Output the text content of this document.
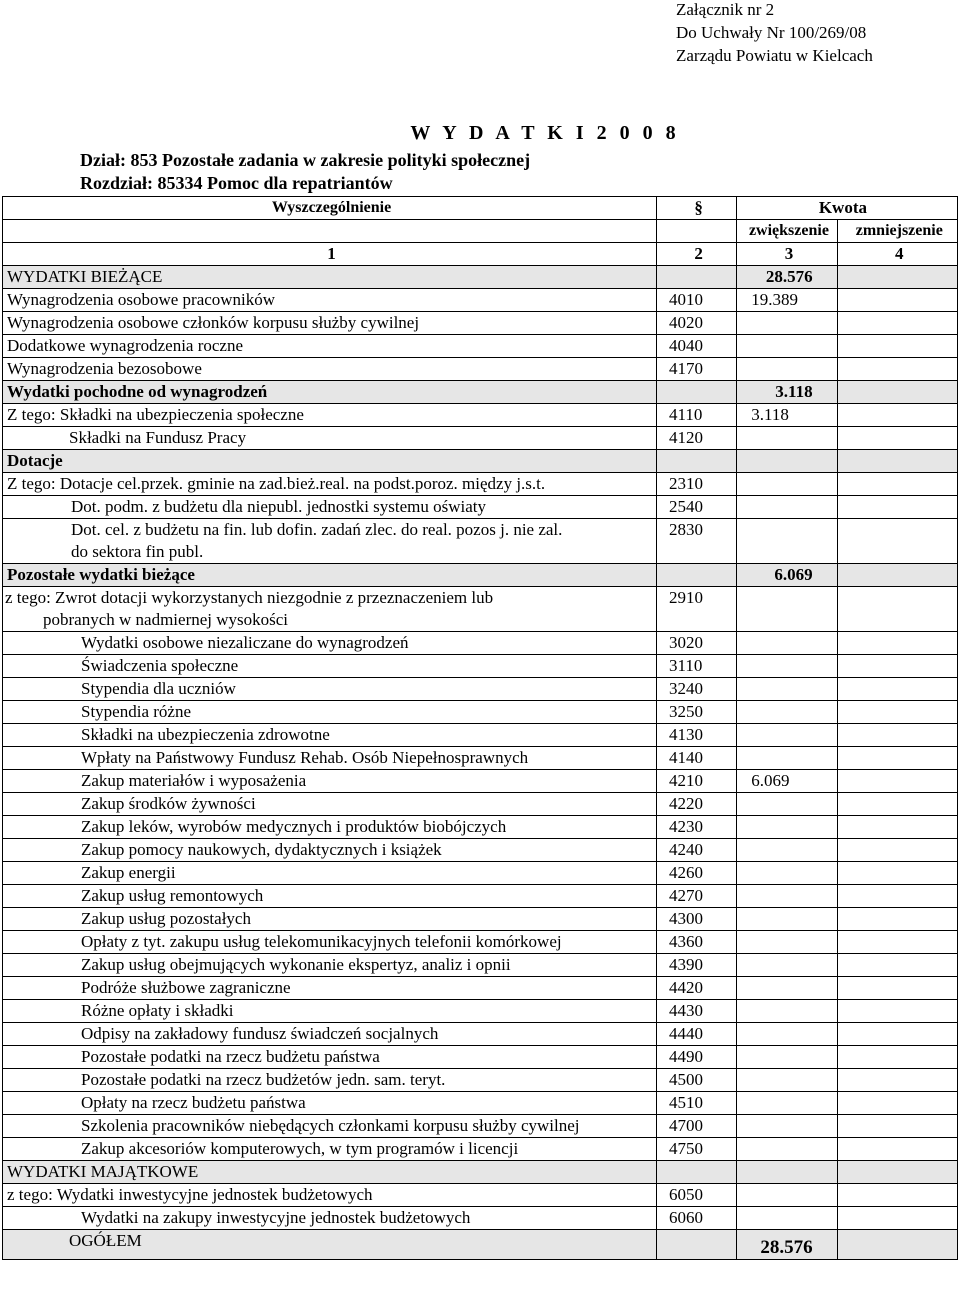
Załącznik nr 2
Do Uchwały Nr 100/269/08
Zarządu Powiatu w Kielcach
W Y D A T K I 2 0 0 8
Dział: 853 Pozostałe zadania w zakresie polityki społecznej
Rozdział: 85334 Pomoc dla repatriantów
Wyszczególnienie	§	Kwota	
		zwiększenie	zmniejszenie
1	2	3	4
WYDATKI BIEŻĄCE		28.576	
Wynagrodzenia osobowe pracowników	4010	19.389	
Wynagrodzenia osobowe członków korpusu służby cywilnej	4020		
Dodatkowe wynagrodzenia roczne	4040		
Wynagrodzenia bezosobowe	4170		
Wydatki pochodne od wynagrodzeń		3.118	
Z tego: Składki na ubezpieczenia społeczne	4110	3.118	
Składki na Fundusz Pracy	4120		
Dotacje			
Z tego: Dotacje cel.przek. gminie na zad.bież.real. na podst.poroz. między j.s.t.	2310		
Dot. podm. z budżetu dla niepubl. jednostki systemu oświaty	2540		

Dot. cel. z budżetu na fin. lub dofin. zadań zlec. do real. pozos j. nie zal.
do sektora fin publ.	2830		
Pozostałe wydatki bieżące		6.069	

z tego: Zwrot dotacji wykorzystanych niezgodnie z przeznaczeniem lub
pobranych w nadmiernej wysokości	2910		
Wydatki osobowe niezaliczane do wynagrodzeń	3020		
Świadczenia społeczne	3110		
Stypendia dla uczniów	3240		
Stypendia różne	3250		
Składki na ubezpieczenia zdrowotne	4130		
Wpłaty na Państwowy Fundusz Rehab. Osób Niepełnosprawnych	4140		
Zakup materiałów i wyposażenia	4210	6.069	
Zakup środków żywności	4220		
Zakup leków, wyrobów medycznych i produktów biobójczych	4230		
Zakup pomocy naukowych, dydaktycznych i książek	4240		
Zakup energii	4260		
Zakup usług remontowych	4270		
Zakup usług pozostałych	4300		
Opłaty z tyt. zakupu usług telekomunikacyjnych telefonii komórkowej	4360		
Zakup usług obejmujących wykonanie ekspertyz, analiz i opnii	4390		
Podróże służbowe zagraniczne	4420		
Różne opłaty i składki	4430		
Odpisy na zakładowy fundusz świadczeń socjalnych	4440		
Pozostałe podatki na rzecz budżetu państwa	4490		
Pozostałe podatki na rzecz budżetów jedn. sam. teryt.	4500		
Opłaty na rzecz budżetu państwa	4510		
Szkolenia pracowników niebędących członkami korpusu służby cywilnej	4700		
Zakup akcesoriów komputerowych, w tym programów i licencji	4750		
WYDATKI MAJĄTKOWE			
z tego: Wydatki inwestycyjne jednostek budżetowych	6050		
Wydatki na zakupy inwestycyjne jednostek budżetowych	6060		
OGÓŁEM		28.576	
